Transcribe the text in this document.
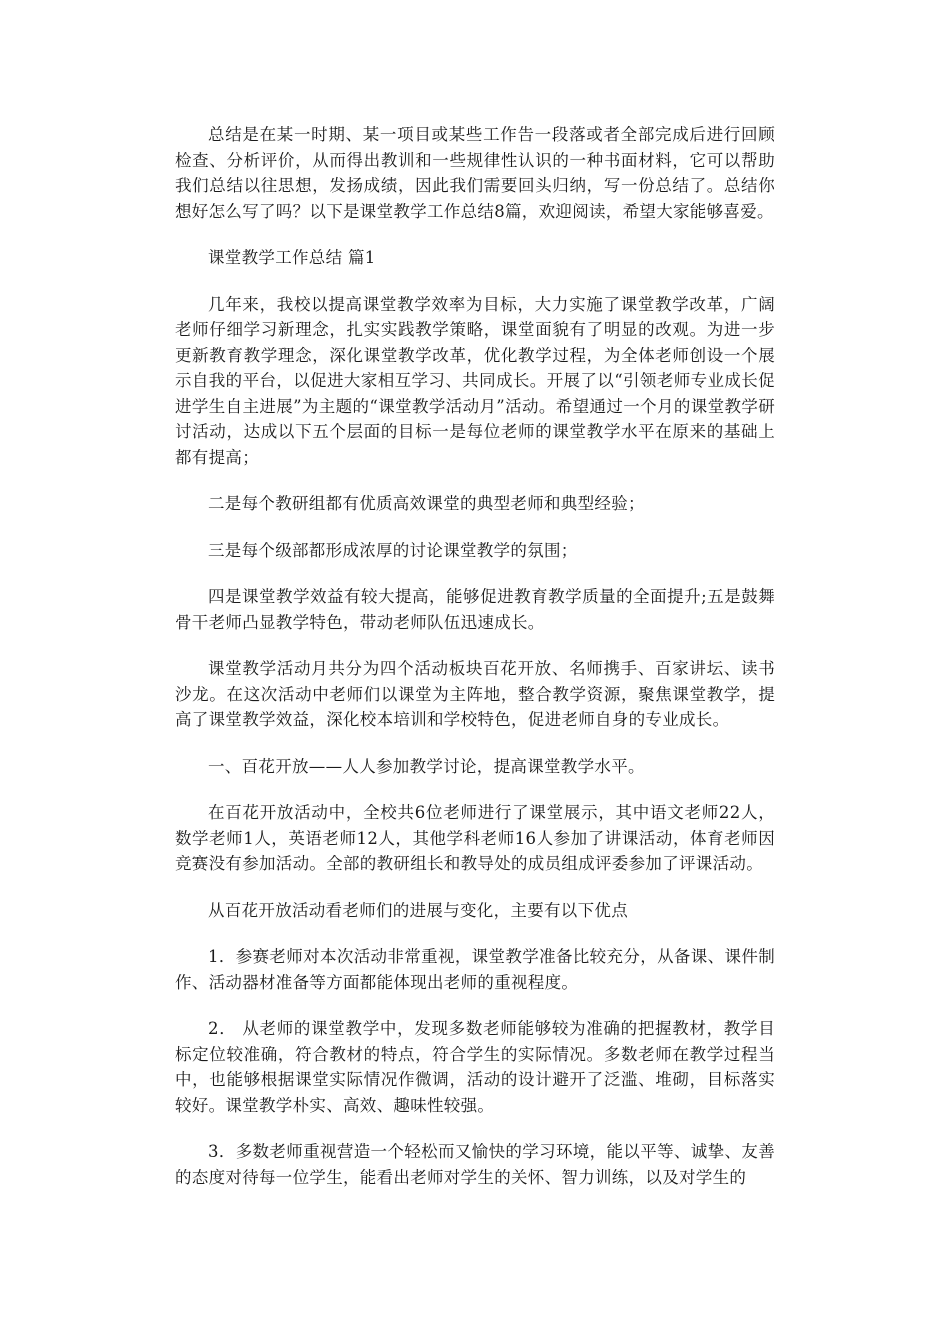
总结是在某一时期、某一项目或某些工作告一段落或者全部完成后进行回顾检查、分析评价，从而得出教训和一些规律性认识的一种书面材料，它可以帮助我们总结以往思想，发扬成绩，因此我们需要回头归纳，写一份总结了。总结你想好怎么写了吗？以下是课堂教学工作总结8篇，欢迎阅读，希望大家能够喜爱。

课堂教学工作总结 篇1

几年来，我校以提高课堂教学效率为目标，大力实施了课堂教学改革，广阔老师仔细学习新理念，扎实实践教学策略，课堂面貌有了明显的改观。为进一步更新教育教学理念，深化课堂教学改革，优化教学过程，为全体老师创设一个展示自我的平台，以促进大家相互学习、共同成长。开展了以“引领老师专业成长促进学生自主进展”为主题的“课堂教学活动月”活动。希望通过一个月的课堂教学研讨活动，达成以下五个层面的目标一是每位老师的课堂教学水平在原来的基础上都有提高；

二是每个教研组都有优质高效课堂的典型老师和典型经验；

三是每个级部都形成浓厚的讨论课堂教学的氛围；

四是课堂教学效益有较大提高，能够促进教育教学质量的全面提升;五是鼓舞骨干老师凸显教学特色，带动老师队伍迅速成长。

课堂教学活动月共分为四个活动板块百花开放、名师携手、百家讲坛、读书沙龙。在这次活动中老师们以课堂为主阵地，整合教学资源，聚焦课堂教学，提高了课堂教学效益，深化校本培训和学校特色，促进老师自身的专业成长。

一、百花开放——人人参加教学讨论，提高课堂教学水平。

在百花开放活动中，全校共6位老师进行了课堂展示，其中语文老师22人，数学老师1人，英语老师12人，其他学科老师16人参加了讲课活动，体育老师因竞赛没有参加活动。全部的教研组长和教导处的成员组成评委参加了评课活动。

从百花开放活动看老师们的进展与变化，主要有以下优点

1．参赛老师对本次活动非常重视，课堂教学准备比较充分，从备课、课件制作、活动器材准备等方面都能体现出老师的重视程度。

2． 从老师的课堂教学中，发现多数老师能够较为准确的把握教材，教学目标定位较准确，符合教材的特点，符合学生的实际情况。多数老师在教学过程当中，也能够根据课堂实际情况作微调，活动的设计避开了泛滥、堆砌，目标落实较好。课堂教学朴实、高效、趣味性较强。

3．多数老师重视营造一个轻松而又愉快的学习环境，能以平等、诚挚、友善的态度对待每一位学生，能看出老师对学生的关怀、智力训练，以及对学生的
